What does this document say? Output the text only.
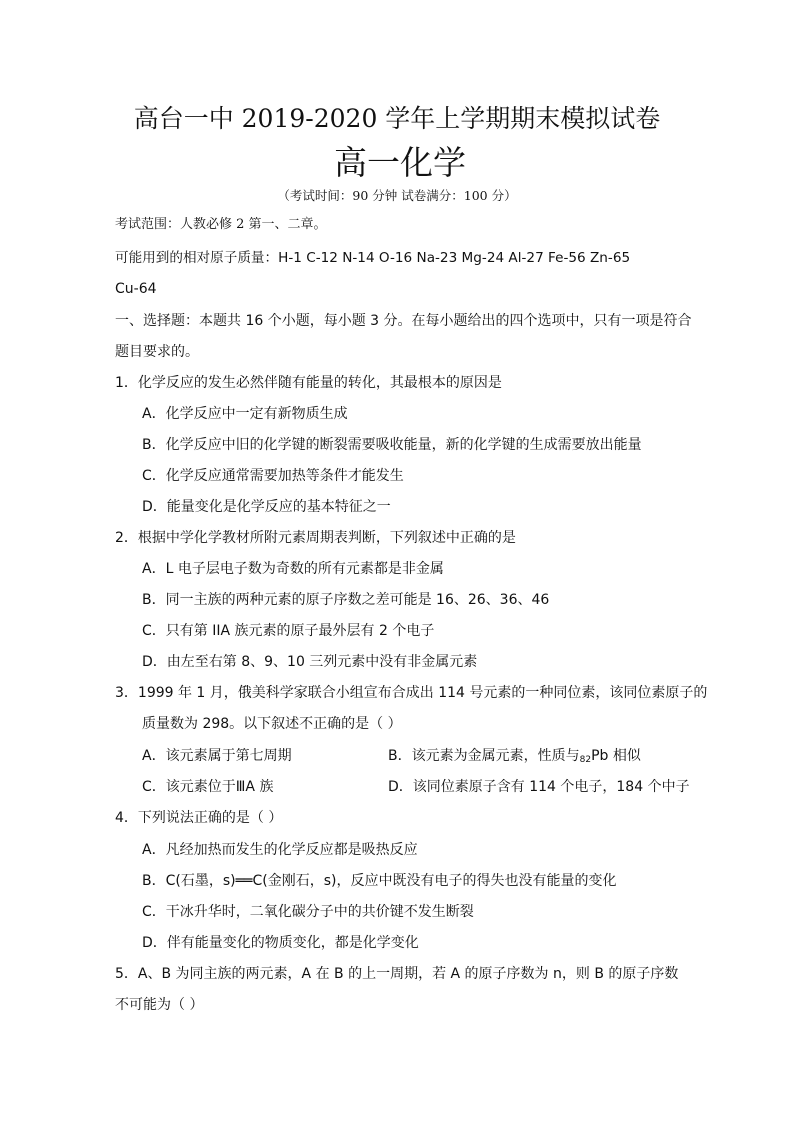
高台一中 2019-2020 学年上学期期末模拟试卷
高一化学
（考试时间：90 分钟 试卷满分：100 分）
考试范围：人教必修 2 第一、二章。
可能用到的相对原子质量：H-1 C-12 N-14 O-16 Na-23 Mg-24 Al-27 Fe-56 Zn-65
Cu-64
一、选择题：本题共 16 个小题，每小题 3 分。在每小题给出的四个选项中，只有一项是符合
题目要求的。
1．化学反应的发生必然伴随有能量的转化，其最根本的原因是
A．化学反应中一定有新物质生成
B．化学反应中旧的化学键的断裂需要吸收能量，新的化学键的生成需要放出能量
C．化学反应通常需要加热等条件才能发生
D．能量变化是化学反应的基本特征之一
2．根据中学化学教材所附元素周期表判断，下列叙述中正确的是
A．L 电子层电子数为奇数的所有元素都是非金属
B．同一主族的两种元素的原子序数之差可能是 16、26、36、46
C．只有第 IIA 族元素的原子最外层有 2 个电子
D．由左至右第 8、9、10 三列元素中没有非金属元素
3．1999 年 1 月，俄美科学家联合小组宣布合成出 114 号元素的一种同位素，该同位素原子的
质量数为 298。以下叙述不正确的是（ ）
A．该元素属于第七周期	B．该元素为金属元素，性质与$_{82}$Pb 相似
C．该元素位于ⅢA 族	D．该同位素原子含有 114 个电子，184 个中子
4．下列说法正确的是（ ）
A．凡经加热而发生的化学反应都是吸热反应
B．C(石墨，s)══C(金刚石，s)，反应中既没有电子的得失也没有能量的变化
C．干冰升华时，二氧化碳分子中的共价键不发生断裂
D．伴有能量变化的物质变化，都是化学变化
5．A、B 为同主族的两元素，A 在 B 的上一周期，若 A 的原子序数为 n，则 B 的原子序数
不可能为（ ）
